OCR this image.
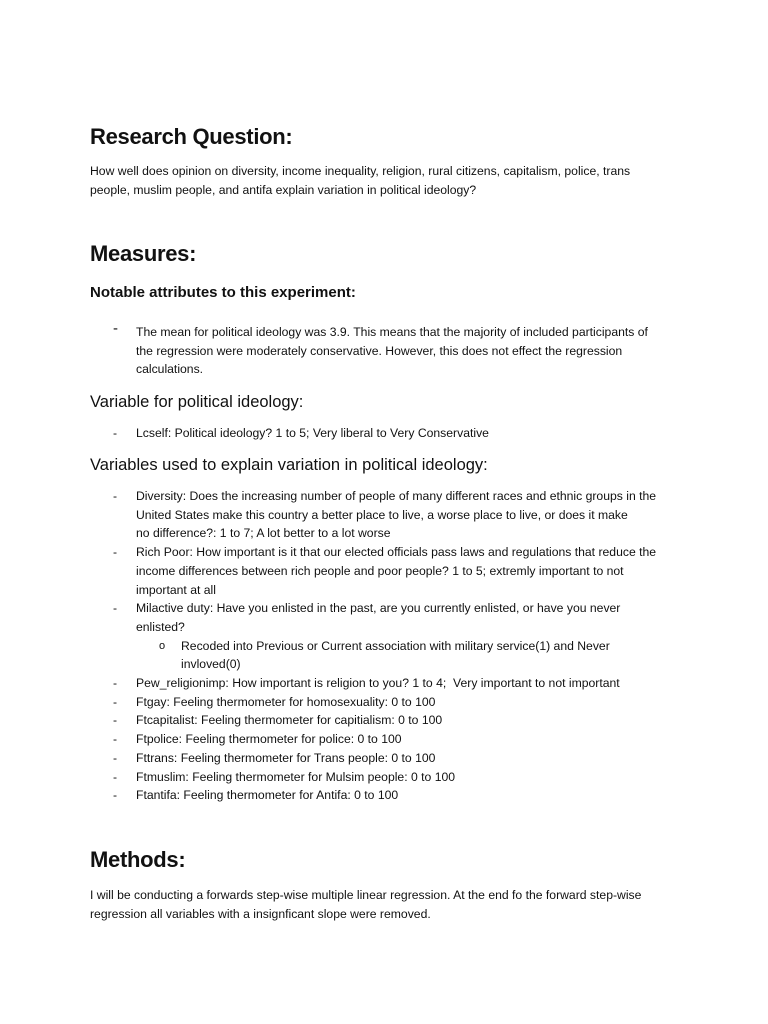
Research Question:
How well does opinion on diversity, income inequality, religion, rural citizens, capitalism, police, trans
people, muslim people, and antifa explain variation in political ideology?
Measures:
Notable attributes to this experiment:
-	The mean for political ideology was 3.9. This means that the majority of included participants of
the regression were moderately conservative. However, this does not effect the regression
calculations.
Variable for political ideology:
-	Lcself: Political ideology? 1 to 5; Very liberal to Very Conservative
Variables used to explain variation in political ideology:
-	Diversity: Does the increasing number of people of many different races and ethnic groups in the
United States make this country a better place to live, a worse place to live, or does it make
no difference?: 1 to 7; A lot better to a lot worse
-	Rich Poor: How important is it that our elected officials pass laws and regulations that reduce the
income differences between rich people and poor people? 1 to 5; extremly important to not
important at all
-	Milactive duty: Have you enlisted in the past, are you currently enlisted, or have you never
enlisted?
o	Recoded into Previous or Current association with military service(1) and Never
invloved(0)
-	Pew_religionimp: How important is religion to you? 1 to 4;  Very important to not important
-	Ftgay: Feeling thermometer for homosexuality: 0 to 100
-	Ftcapitalist: Feeling thermometer for capitialism: 0 to 100
-	Ftpolice: Feeling thermometer for police: 0 to 100
-	Fttrans: Feeling thermometer for Trans people: 0 to 100
-	Ftmuslim: Feeling thermometer for Mulsim people: 0 to 100
-	Ftantifa: Feeling thermometer for Antifa: 0 to 100
Methods:
I will be conducting a forwards step-wise multiple linear regression. At the end fo the forward step-wise
regression all variables with a insignficant slope were removed.
